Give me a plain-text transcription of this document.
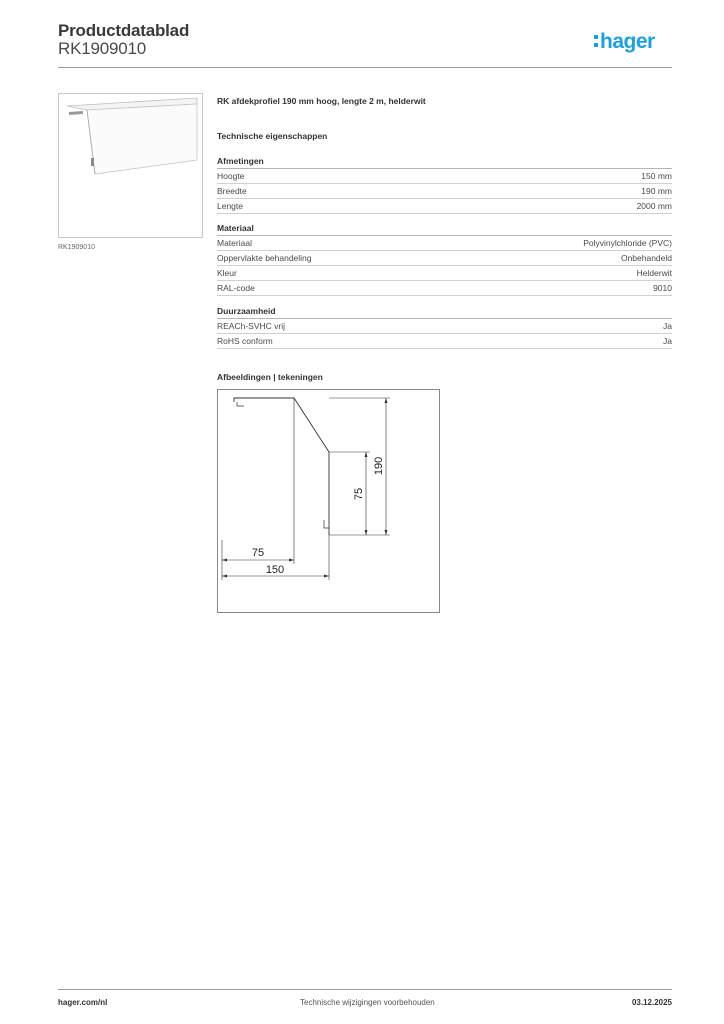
Productdatablad
RK1909010	hager
RK1909010
RK afdekprofiel 190 mm hoog, lengte 2 m, helderwit
Technische eigenschappen
Afmetingen
Hoogte	150 mm
Breedte	190 mm
Lengte	2000 mm
Materiaal
Materiaal	Polyvinylchloride (PVC)
Oppervlakte behandeling	Onbehandeld
Kleur	Helderwit
RAL-code	9010
Duurzaamheid
REACh-SVHC vrij	Ja
RoHS conform	Ja
Afbeeldingen | tekeningen
190
75
75
150
hager.com/nl	Technische wijzigingen voorbehouden	03.12.2025
